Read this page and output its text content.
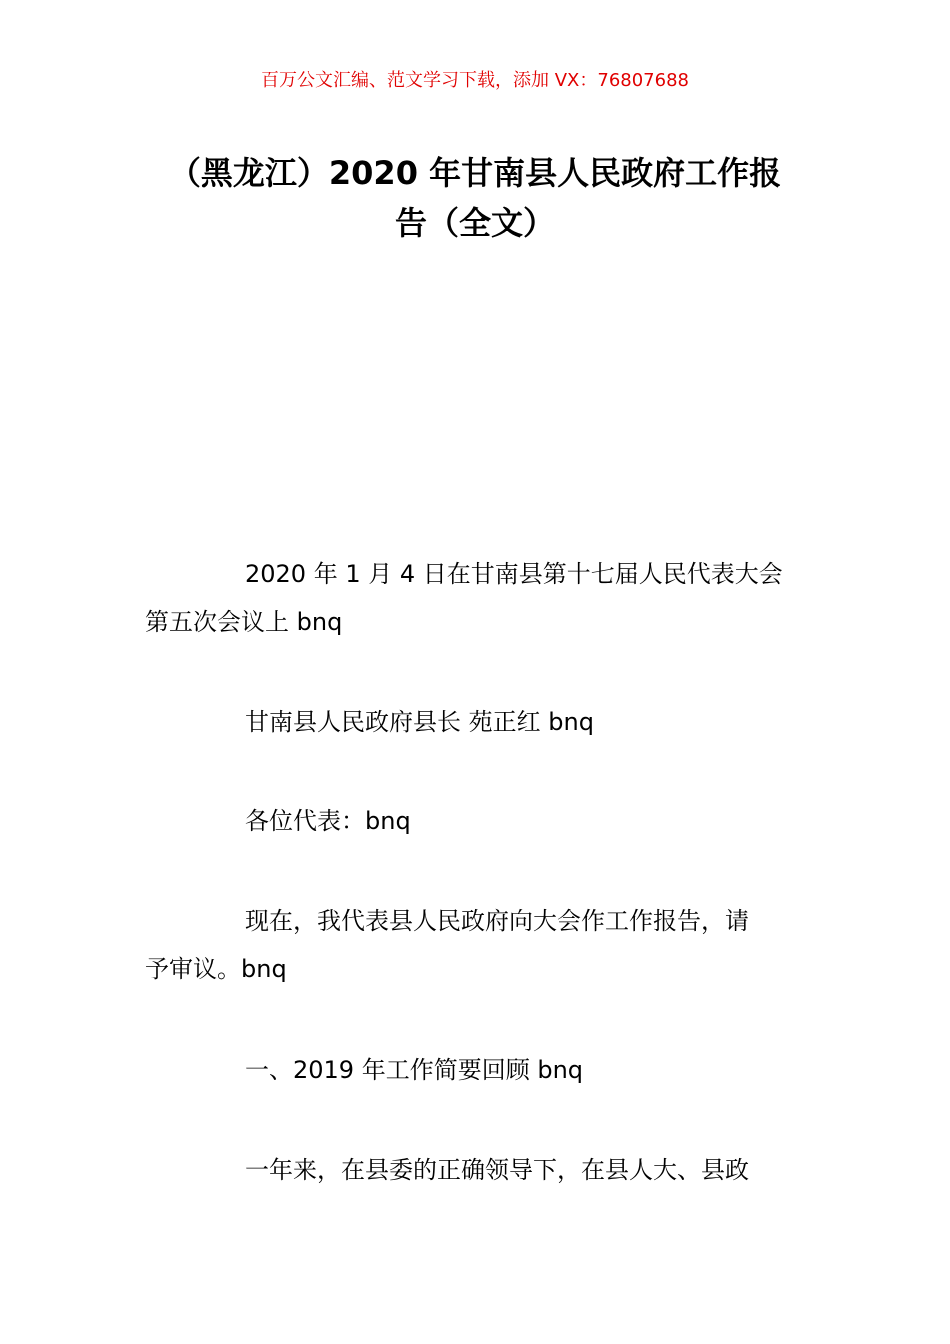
百万公文汇编、范文学习下载，添加 VX：76807688
（黑龙江）2020 年甘南县人民政府工作报
告（全文）

2020 年 1 月 4 日在甘南县第十七届人民代表大会
第五次会议上 bnq

甘南县人民政府县长 苑正红 bnq

各位代表：bnq

现在，我代表县人民政府向大会作工作报告，请
予审议。bnq

一、2019 年工作简要回顾 bnq

一年来，在县委的正确领导下，在县人大、县政
